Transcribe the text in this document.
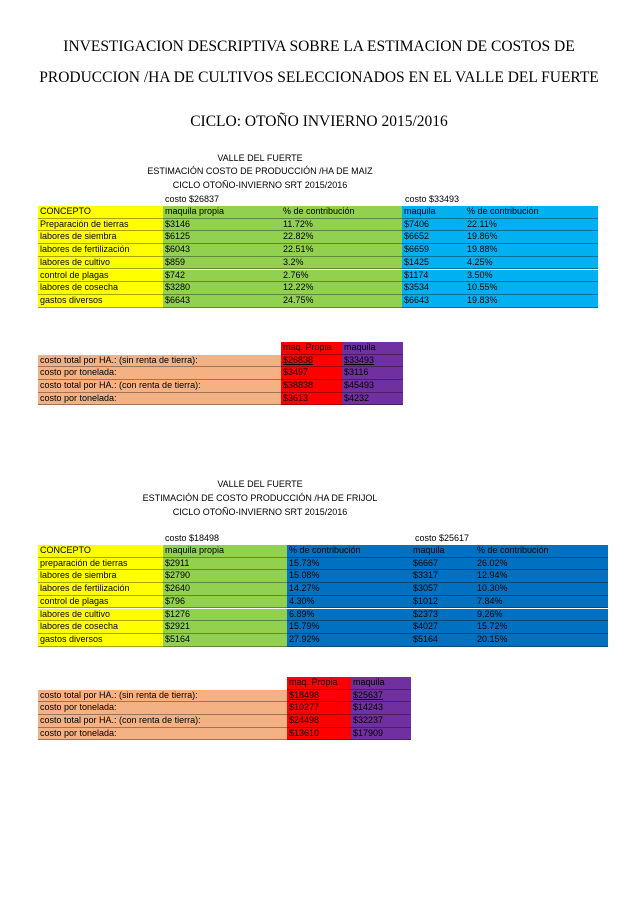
INVESTIGACION DESCRIPTIVA SOBRE LA ESTIMACION DE COSTOS DE
PRODUCCION /HA DE CULTIVOS SELECCIONADOS EN EL VALLE DEL FUERTE
CICLO: OTOÑO INVIERNO 2015/2016
VALLE DEL FUERTE
ESTIMACIÓN COSTO DE PRODUCCIÓN /HA DE MAIZ
CICLO OTOÑO-INVIERNO SRT 2015/2016
costo $26837	costo $33493
CONCEPTO	maquila propia	% de contribución	maquila	% de contribución
Preparación de tierras	$3146	11.72%	$7406	22.11%
labores de siembra	$6125	22.82%	$6652	19.86%
labores de fertilización	$6043	22.51%	$6659	19.88%
labores de cultivo	$859	3.2%	$1425	4.25%
control de plagas	$742	2.76%	$1174	3.50%
labores de cosecha	$3280	12.22%	$3534	10.55%
gastos diversos	$6643	24.75%	$6643	19.83%
maq. Propia	maquila
costo total por HA.: (sin renta de tierra):	$26838	$33493
costo por tonelada:	$3497	$3116
costo total por HA.: (con renta de tierra):	$38838	$45493
costo por tonelada:	$3613	$4232
VALLE DEL FUERTE
ESTIMACIÓN DE COSTO PRODUCCIÓN /HA DE FRIJOL
CICLO OTOÑO-INVIERNO SRT 2015/2016
costo $18498	costo $25617
CONCEPTO	maquila propia	% de contribución	maquila	% de contribución
preparación de tierras	$2911	15.73%	$6667	26.02%
labores de siembra	$2790	15.08%	$3317	12.94%
labores de fertilización	$2640	14.27%	$3057	10.30%
control de plagas	$796	4.30%	$1012	7.84%
labores de cultivo	$1276	6.89%	$2373	9.26%
labores de cosecha	$2921	15.79%	$4027	15.72%
gastos diversos	$5164	27.92%	$5164	20.15%
maq. Propia	maquila
costo total por HA.: (sin renta de tierra):	$18498	$25637
costo por tonelada:	$10277	$14243
costo total por HA.: (con renta de tierra):	$24498	$32237
costo por tonelada:	$13610	$17909
